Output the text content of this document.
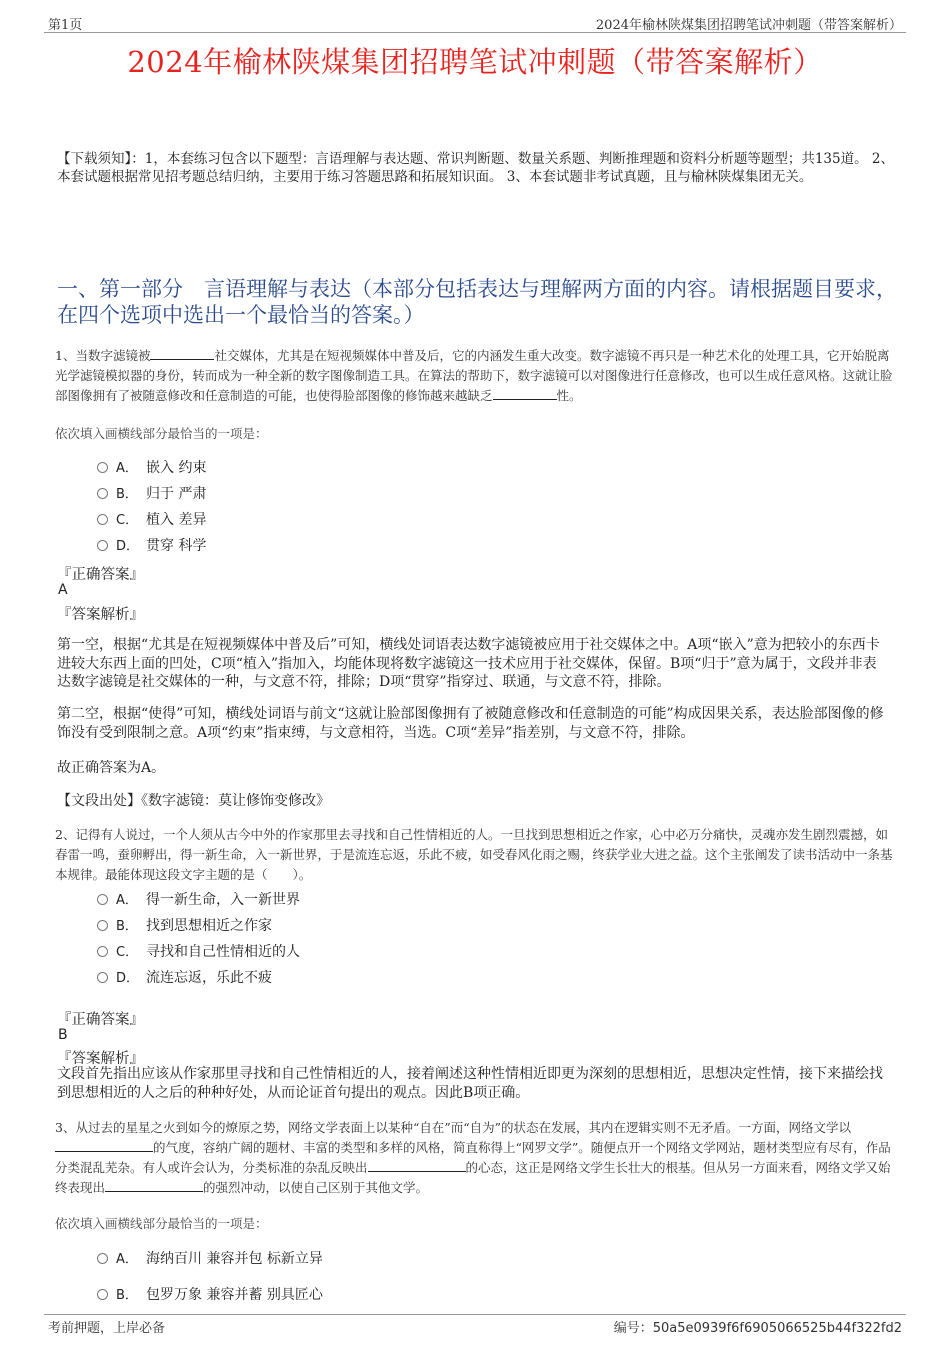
第1页	2024年榆林陕煤集团招聘笔试冲刺题（带答案解析）
2024年榆林陕煤集团招聘笔试冲刺题（带答案解析）
【下载须知】：1，本套练习包含以下题型：言语理解与表达题、常识判断题、数量关系题、判断推理题和资料分析题等题型；共135道。 2、本套试题根据常见招考题总结归纳，主要用于练习答题思路和拓展知识面。 3、本套试题非考试真题，且与榆林陕煤集团无关。
一、第一部分　言语理解与表达（本部分包括表达与理解两方面的内容。请根据题目要求，在四个选项中选出一个最恰当的答案。）
1、当数字滤镜被	社交媒体，尤其是在短视频媒体中普及后，它的内涵发生重大改变。数字滤镜不再只是一种艺术化的处理工具，它开始脱离光学滤镜模拟器的身份，转而成为一种全新的数字图像制造工具。在算法的帮助下，数字滤镜可以对图像进行任意修改，也可以生成任意风格。这就让脸部图像拥有了被随意修改和任意制造的可能，也使得脸部图像的修饰越来越缺乏	性。
依次填入画横线部分最恰当的一项是：
A． 嵌入 约束
B． 归于 严肃
C． 植入 差异
D． 贯穿 科学
『正确答案』
A
『答案解析』
第一空，根据“尤其是在短视频媒体中普及后”可知，横线处词语表达数字滤镜被应用于社交媒体之中。A项“嵌入”意为把较小的东西卡进较大东西上面的凹处，C项“植入”指加入，均能体现将数字滤镜这一技术应用于社交媒体，保留。B项“归于”意为属于，文段并非表达数字滤镜是社交媒体的一种，与文意不符，排除；D项“贯穿”指穿过、联通，与文意不符，排除。
第二空，根据“使得”可知，横线处词语与前文“这就让脸部图像拥有了被随意修改和任意制造的可能”构成因果关系，表达脸部图像的修饰没有受到限制之意。A项“约束”指束缚，与文意相符，当选。C项“差异”指差别，与文意不符，排除。
故正确答案为A。
【文段出处】《数字滤镜：莫让修饰变修改》
2、记得有人说过，一个人须从古今中外的作家那里去寻找和自己性情相近的人。一旦找到思想相近之作家，心中必万分痛快，灵魂亦发生剧烈震撼，如春雷一鸣，蚕卵孵出，得一新生命，入一新世界，于是流连忘返，乐此不疲，如受春风化雨之赐，终获学业大进之益。这个主张阐发了读书活动中一条基本规律。最能体现这段文字主题的是（　　）。
A． 得一新生命，入一新世界
B． 找到思想相近之作家
C． 寻找和自己性情相近的人
D． 流连忘返，乐此不疲
『正确答案』
B
『答案解析』
文段首先指出应该从作家那里寻找和自己性情相近的人，接着阐述这种性情相近即更为深刻的思想相近，思想决定性情，接下来描绘找到思想相近的人之后的种种好处，从而论证首句提出的观点。因此B项正确。
3、从过去的星星之火到如今的燎原之势，网络文学表面上以某种“自在”而“自为”的状态在发展，其内在逻辑实则不无矛盾。一方面，网络文学以的气度，容纳广阔的题材、丰富的类型和多样的风格，简直称得上“网罗文学”。随便点开一个网络文学网站，题材类型应有尽有，作品分类混乱芜杂。有人或许会认为，分类标准的杂乱反映出	的心态，这正是网络文学生长壮大的根基。但从另一方面来看，网络文学又始终表现出	的强烈冲动，以使自己区别于其他文学。
依次填入画横线部分最恰当的一项是：
A． 海纳百川 兼容并包 标新立异
B． 包罗万象 兼容并蓄 别具匠心
考前押题，上岸必备	编号：50a5e0939f6f6905066525b44f322fd2
